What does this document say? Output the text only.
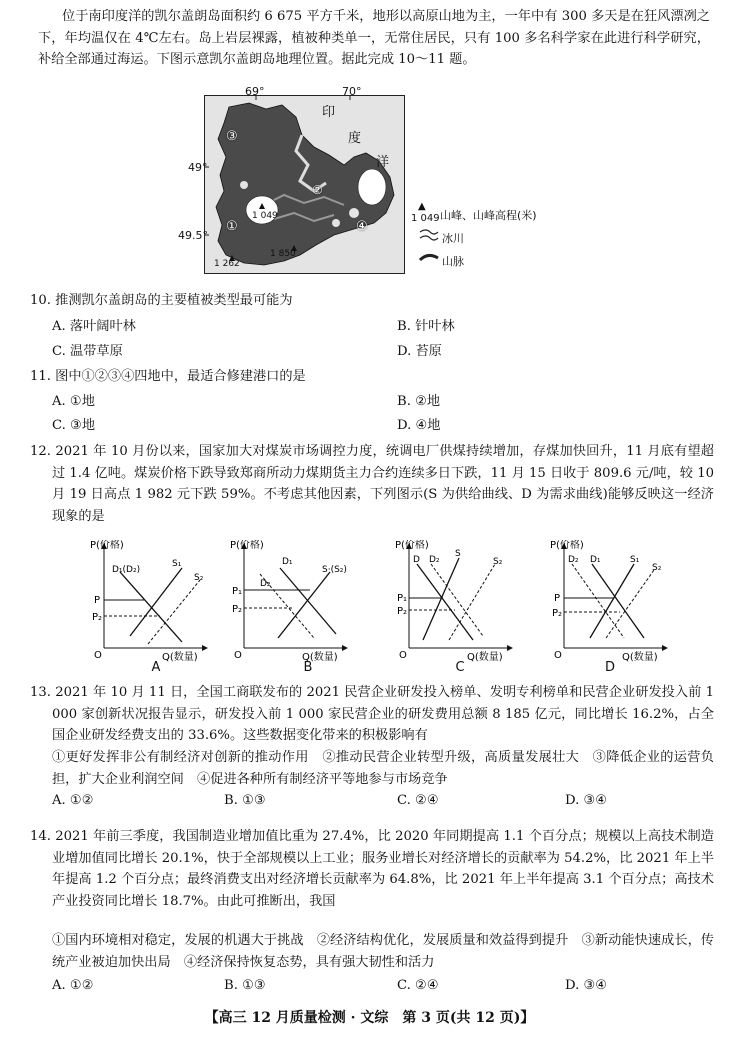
位于南印度洋的凯尔盖朗岛面积约 6 675 平方千米，地形以高原山地为主，一年中有 300 多天是在狂风漂冽之下，年均温仅在 4℃左右。岛上岩层裸露，植被种类单一，无常住居民，只有 100 多名科学家在此进行科学研究，补给全部通过海运。下图示意凯尔盖朗岛地理位置。据此完成 10～11 题。
69°	70°
49°
49.5°
印
度
洋
③
②
①	④
1 049
1 262
1 850
1 049
▲
山峰、山峰高程(米)
冰川
山脉
10. 推测凯尔盖朗岛的主要植被类型最可能为
A. 落叶阔叶林	B. 针叶林
C. 温带草原	D. 苔原
11. 图中①②③④四地中，最适合修建港口的是
A. ①地	B. ②地
C. ③地	D. ④地
12. 2021 年 10 月份以来，国家加大对煤炭市场调控力度，统调电厂供煤持续增加，存煤加快回升，11 月底有望超过 1.4 亿吨。煤炭价格下跌导致郑商所动力煤期货主力合约连续多日下跌，11 月 15 日收于 809.6 元/吨，较 10 月 19 日高点 1 982 元下跌 59%。不考虑其他因素，下列图示(S 为供给曲线、D 为需求曲线)能够反映这一经济现象的是
P(价格)
Q(数量)
O
P
P₂
D₁(D₂)
S₁
S₂
P(价格)
Q(数量)
O
P₁
P₂
D₁
D₂
S·(S₂)
P(价格)
Q(数量)
O
P₁
P₂
D D₂
S
S₂
P(价格)
Q(数量)
O
P
P₂
D₂ D₁	S₁
S₂
A	B	C	D
13. 2021 年 10 月 11 日，全国工商联发布的 2021 民营企业研发投入榜单、发明专利榜单和民营企业研发投入前 1 000 家创新状况报告显示，研发投入前 1 000 家民营企业的研发费用总额 8 185 亿元，同比增长 16.2%，占全国企业研发经费支出的 33.6%。这些数据变化带来的积极影响有
①更好发挥非公有制经济对创新的推动作用　②推动民营企业转型升级，高质量发展壮大　③降低企业的运营负担，扩大企业利润空间　④促进各种所有制经济平等地参与市场竞争
A. ①②	B. ①③	C. ②④	D. ③④
14. 2021 年前三季度，我国制造业增加值比重为 27.4%，比 2020 年同期提高 1.1 个百分点；规模以上高技术制造业增加值同比增长 20.1%，快于全部规模以上工业；服务业增长对经济增长的贡献率为 54.2%，比 2021 年上半年提高 1.2 个百分点；最终消费支出对经济增长贡献率为 64.8%，比 2021 年上半年提高 3.1 个百分点；高技术产业投资同比增长 18.7%。由此可推断出，我国
①国内环境相对稳定，发展的机遇大于挑战　②经济结构优化，发展质量和效益得到提升　③新动能快速成长，传统产业被迫加快出局　④经济保持恢复态势，具有强大韧性和活力
A. ①②	B. ①③	C. ②④	D. ③④
【高三 12 月质量检测 · 文综　第 3 页(共 12 页)】
